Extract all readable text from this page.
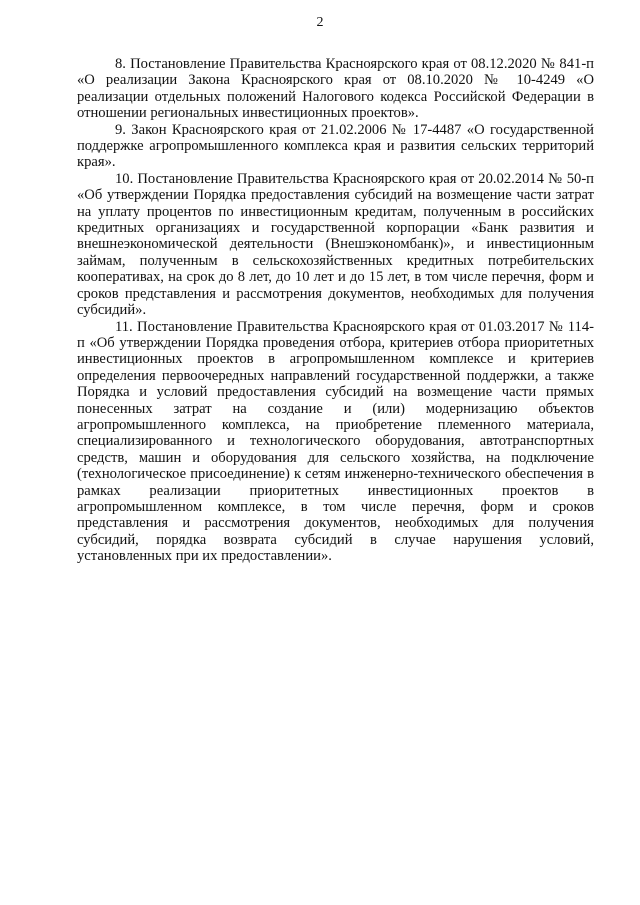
2

8. Постановление Правительства Красноярского края от 08.12.2020 № 841-п «О реализации Закона Красноярского края от 08.10.2020 № 10-4249 «О реализации отдельных положений Налогового кодекса Российской Федерации в отношении региональных инвестиционных проектов».

9. Закон Красноярского края от 21.02.2006 № 17-4487 «О государственной поддержке агропромышленного комплекса края и развития сельских территорий края».

10. Постановление Правительства Красноярского края от 20.02.2014 № 50-п «Об утверждении Порядка предоставления субсидий на возмещение части затрат на уплату процентов по инвестиционным кредитам, полученным в российских кредитных организациях и государственной корпорации «Банк развития и внешнеэкономической деятельности (Внешэкономбанк)», и инвестиционным займам, полученным в сельскохозяйственных кредитных потребительских кооперативах, на срок до 8 лет, до 10 лет и до 15 лет, в том числе перечня, форм и сроков представления и рассмотрения документов, необходимых для получения субсидий».

11. Постановление Правительства Красноярского края от 01.03.2017 № 114-п «Об утверждении Порядка проведения отбора, критериев отбора приоритетных инвестиционных проектов в агропромышленном комплексе и критериев определения первоочередных направлений государственной поддержки, а также Порядка и условий предоставления субсидий на возмещение части прямых понесенных затрат на создание и (или) модернизацию объектов агропромышленного комплекса, на приобретение племенного материала, специализированного и технологического оборудования, автотранспортных средств, машин и оборудования для сельского хозяйства, на подключение (технологическое присоединение) к сетям инженерно-технического обеспечения в рамках реализации приоритетных инвестиционных проектов в агропромышленном комплексе, в том числе перечня, форм и сроков представления и рассмотрения документов, необходимых для получения субсидий, порядка возврата субсидий в случае нарушения условий, установленных при их предоставлении».
